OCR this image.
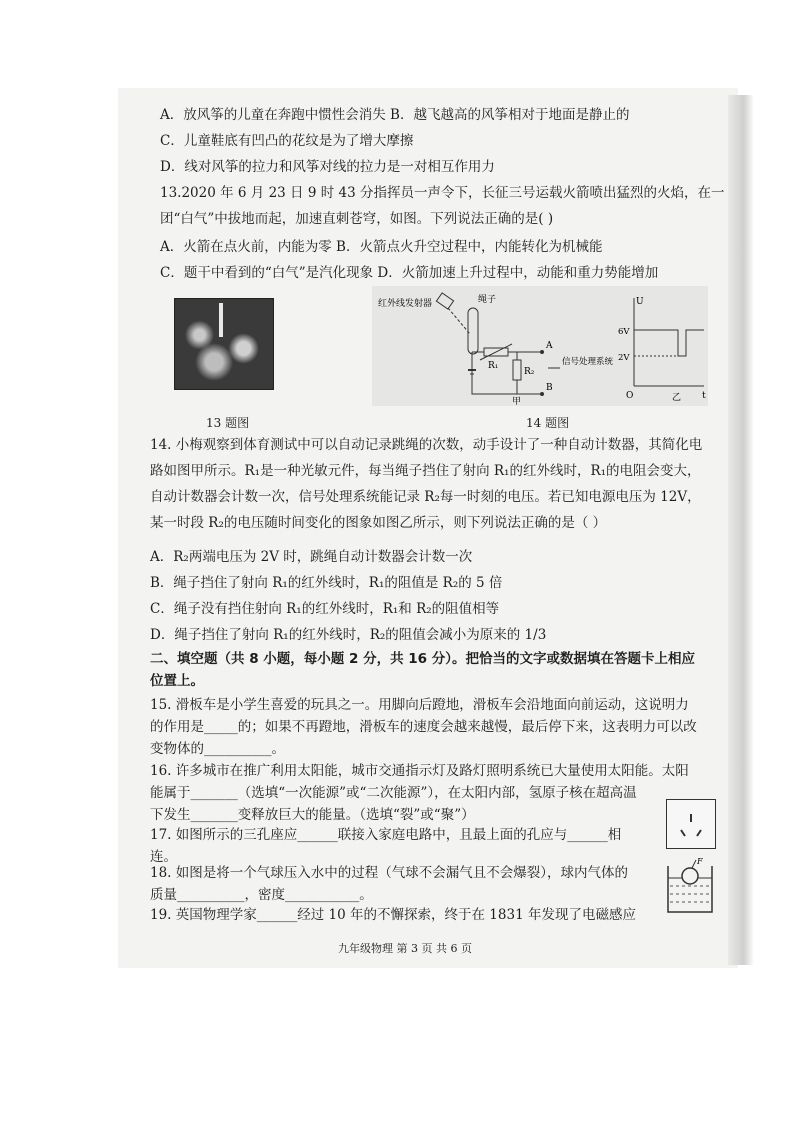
A．放风筝的儿童在奔跑中惯性会消失 B．越飞越高的风筝相对于地面是静止的
C．儿童鞋底有凹凸的花纹是为了增大摩擦
D．线对风筝的拉力和风筝对线的拉力是一对相互作用力
13.2020 年 6 月 23 日 9 时 43 分指挥员一声令下，长征三号运载火箭喷出猛烈的火焰，在一
团“白气”中拔地而起，加速直刺苍穹，如图。下列说法正确的是( )
A．火箭在点火前，内能为零 B．火箭点火升空过程中，内能转化为机械能
C．题干中看到的“白气”是汽化现象 D．火箭加速上升过程中，动能和重力势能增加
13 题图
红外线发射器	绳子
R₁
R₂
A
B
信号处理系统
甲
U
t
O
6V
2V
乙
14 题图
14. 小梅观察到体育测试中可以自动记录跳绳的次数，动手设计了一种自动计数器，其简化电
路如图甲所示。R₁是一种光敏元件，每当绳子挡住了射向 R₁的红外线时，R₁的电阻会变大，
自动计数器会计数一次，信号处理系统能记录 R₂每一时刻的电压。若已知电源电压为 12V，
某一时段 R₂的电压随时间变化的图象如图乙所示，则下列说法正确的是（ ）
A．R₂两端电压为 2V 时，跳绳自动计数器会计数一次
B．绳子挡住了射向 R₁的红外线时，R₁的阻值是 R₂的 5 倍
C．绳子没有挡住射向 R₁的红外线时，R₁和 R₂的阻值相等
D．绳子挡住了射向 R₁的红外线时，R₂的阻值会减小为原来的 1/3
二、填空题（共 8 小题，每小题 2 分，共 16 分）。把恰当的文字或数据填在答题卡上相应
位置上。
15. 滑板车是小学生喜爱的玩具之一。用脚向后蹬地，滑板车会沿地面向前运动，这说明力
的作用是_____的；如果不再蹬地，滑板车的速度会越来越慢，最后停下来，这表明力可以改
变物体的__________。
16. 许多城市在推广利用太阳能，城市交通指示灯及路灯照明系统已大量使用太阳能。太阳
能属于_______（选填“一次能源”或“二次能源”），在太阳内部，氢原子核在超高温
下发生_______变释放巨大的能量。（选填“裂”或“聚”）
17. 如图所示的三孔座应______联接入家庭电路中，且最上面的孔应与______相
连。
18. 如图是将一个气球压入水中的过程（气球不会漏气且不会爆裂），球内气体的
质量__________，密度___________。
19. 英国物理学家______经过 10 年的不懈探索，终于在 1831 年发现了电磁感应
F
九年级物理 第 3 页 共 6 页
